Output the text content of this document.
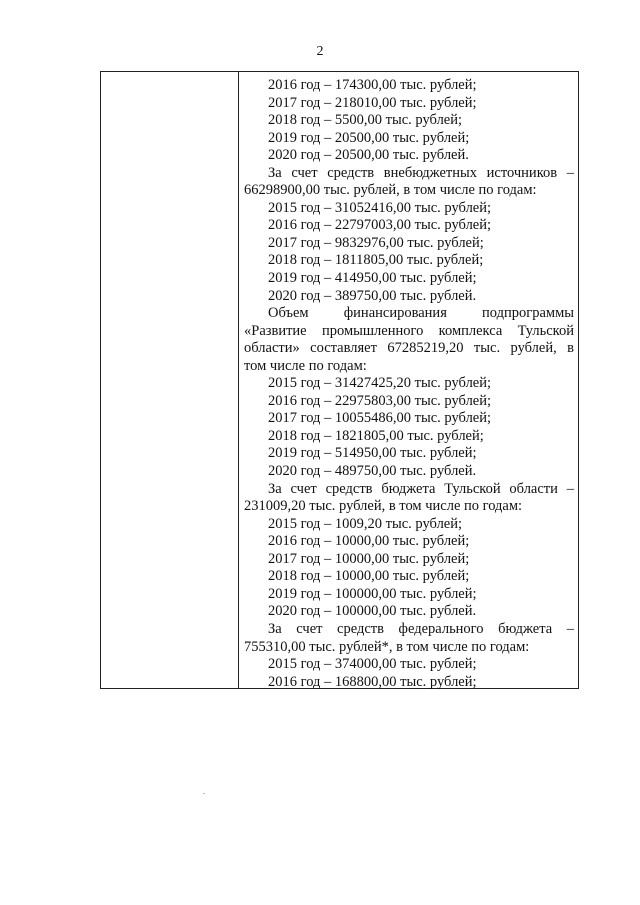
2
2016 год – 174300,00 тыс. рублей;
2017 год – 218010,00 тыс. рублей;
2018 год – 5500,00 тыс. рублей;
2019 год – 20500,00 тыс. рублей;
2020 год – 20500,00 тыс. рублей.
За счет средств внебюджетных источников –
66298900,00 тыс. рублей, в том числе по годам:
2015 год – 31052416,00 тыс. рублей;
2016 год – 22797003,00 тыс. рублей;
2017 год – 9832976,00 тыс. рублей;
2018 год – 1811805,00 тыс. рублей;
2019 год – 414950,00 тыс. рублей;
2020 год – 389750,00 тыс. рублей.
Объем финансирования подпрограммы
«Развитие промышленного комплекса Тульской
области» составляет 67285219,20 тыс. рублей, в
том числе по годам:
2015 год – 31427425,20 тыс. рублей;
2016 год – 22975803,00 тыс. рублей;
2017 год – 10055486,00 тыс. рублей;
2018 год – 1821805,00 тыс. рублей;
2019 год – 514950,00 тыс. рублей;
2020 год – 489750,00 тыс. рублей.
За счет средств бюджета Тульской области –
231009,20 тыс. рублей, в том числе по годам:
2015 год – 1009,20 тыс. рублей;
2016 год – 10000,00 тыс. рублей;
2017 год – 10000,00 тыс. рублей;
2018 год – 10000,00 тыс. рублей;
2019 год – 100000,00 тыс. рублей;
2020 год – 100000,00 тыс. рублей.
За счет средств федерального бюджета –
755310,00 тыс. рублей*, в том числе по годам:
2015 год – 374000,00 тыс. рублей;
2016 год – 168800,00 тыс. рублей;
